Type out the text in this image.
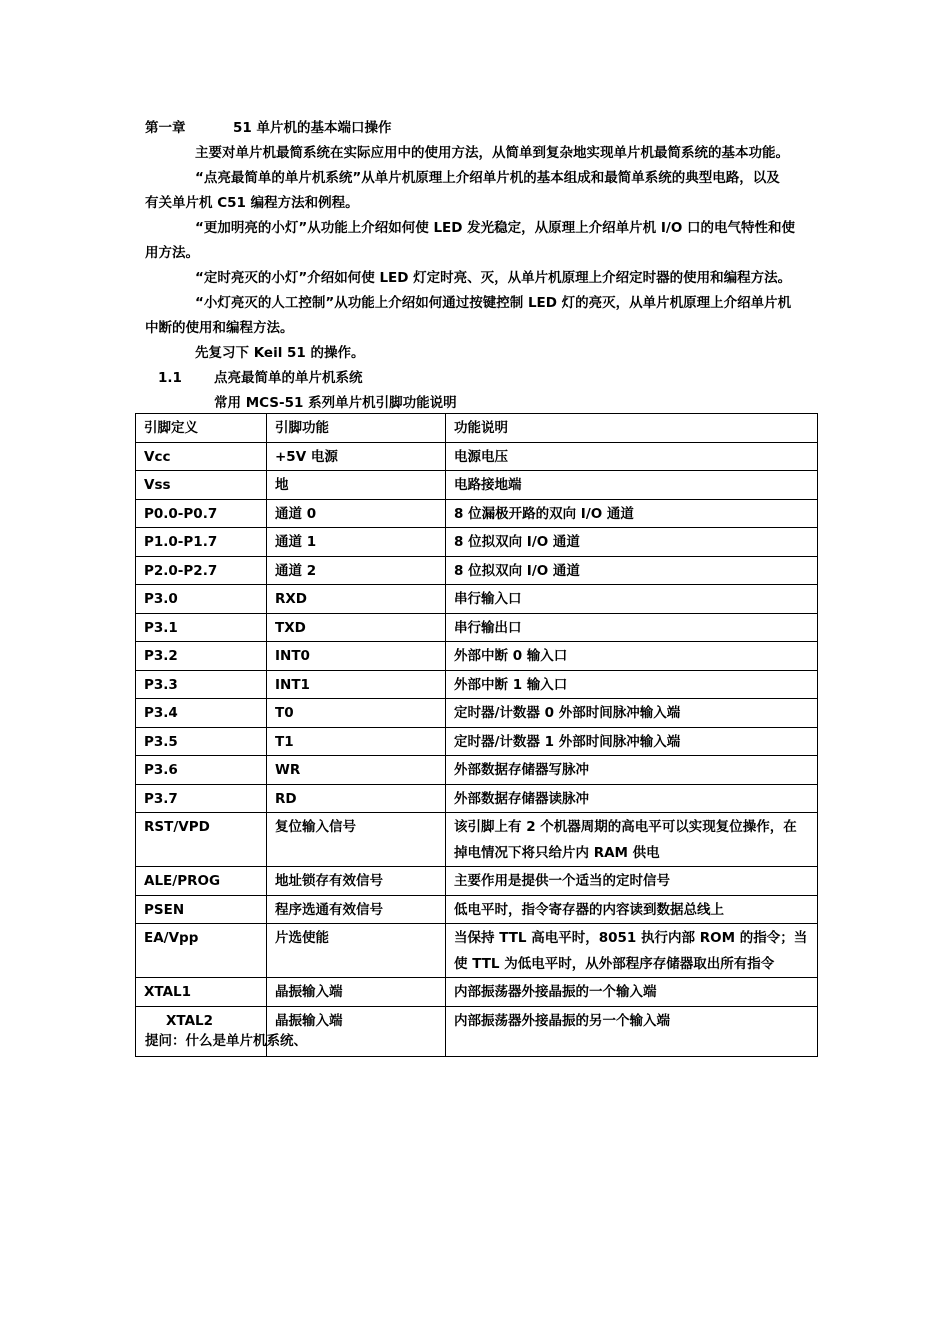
第一章	51 单片机的基本端口操作
主要对单片机最简系统在实际应用中的使用方法，从简单到复杂地实现单片机最简系统的基本功能。
“点亮最简单的单片机系统”从单片机原理上介绍单片机的基本组成和最简单系统的典型电路，以及
有关单片机 C51 编程方法和例程。
“更加明亮的小灯”从功能上介绍如何使 LED 发光稳定，从原理上介绍单片机 I/O 口的电气特性和使
用方法。
“定时亮灭的小灯”介绍如何使 LED 灯定时亮、灭，从单片机原理上介绍定时器的使用和编程方法。
“小灯亮灭的人工控制”从功能上介绍如何通过按键控制 LED 灯的亮灭，从单片机原理上介绍单片机
中断的使用和编程方法。
先复习下 Keil 51 的操作。
1.1 点亮最简单的单片机系统
常用 MCS-51 系列单片机引脚功能说明
引脚定义	引脚功能	功能说明
Vcc	+5V 电源	电源电压
Vss	地	电路接地端
P0.0-P0.7	通道 0	8 位漏极开路的双向 I/O 通道
P1.0-P1.7	通道 1	8 位拟双向 I/O 通道
P2.0-P2.7	通道 2	8 位拟双向 I/O 通道
P3.0	RXD	串行输入口
P3.1	TXD	串行输出口
P3.2	INT0	外部中断 0 输入口
P3.3	INT1	外部中断 1 输入口
P3.4	T0	定时器/计数器 0 外部时间脉冲输入端
P3.5	T1	定时器/计数器 1 外部时间脉冲输入端
P3.6	WR	外部数据存储器写脉冲
P3.7	RD	外部数据存储器读脉冲
RST/VPD	复位输入信号	该引脚上有 2 个机器周期的高电平可以实现复位操作，在掉电情况下将只给片内 RAM 供电
ALE/PROG	地址锁存有效信号	主要作用是提供一个适当的定时信号
PSEN	程序选通有效信号	低电平时，指令寄存器的内容读到数据总线上
EA/Vpp	片选使能	当保持 TTL 高电平时，8051 执行内部 ROM 的指令；当使 TTL 为低电平时，从外部程序存储器取出所有指令
XTAL1	晶振输入端	内部振荡器外接晶振的一个输入端
XTAL2	晶振输入端	内部振荡器外接晶振的另一个输入端
提问：什么是单片机系统、
